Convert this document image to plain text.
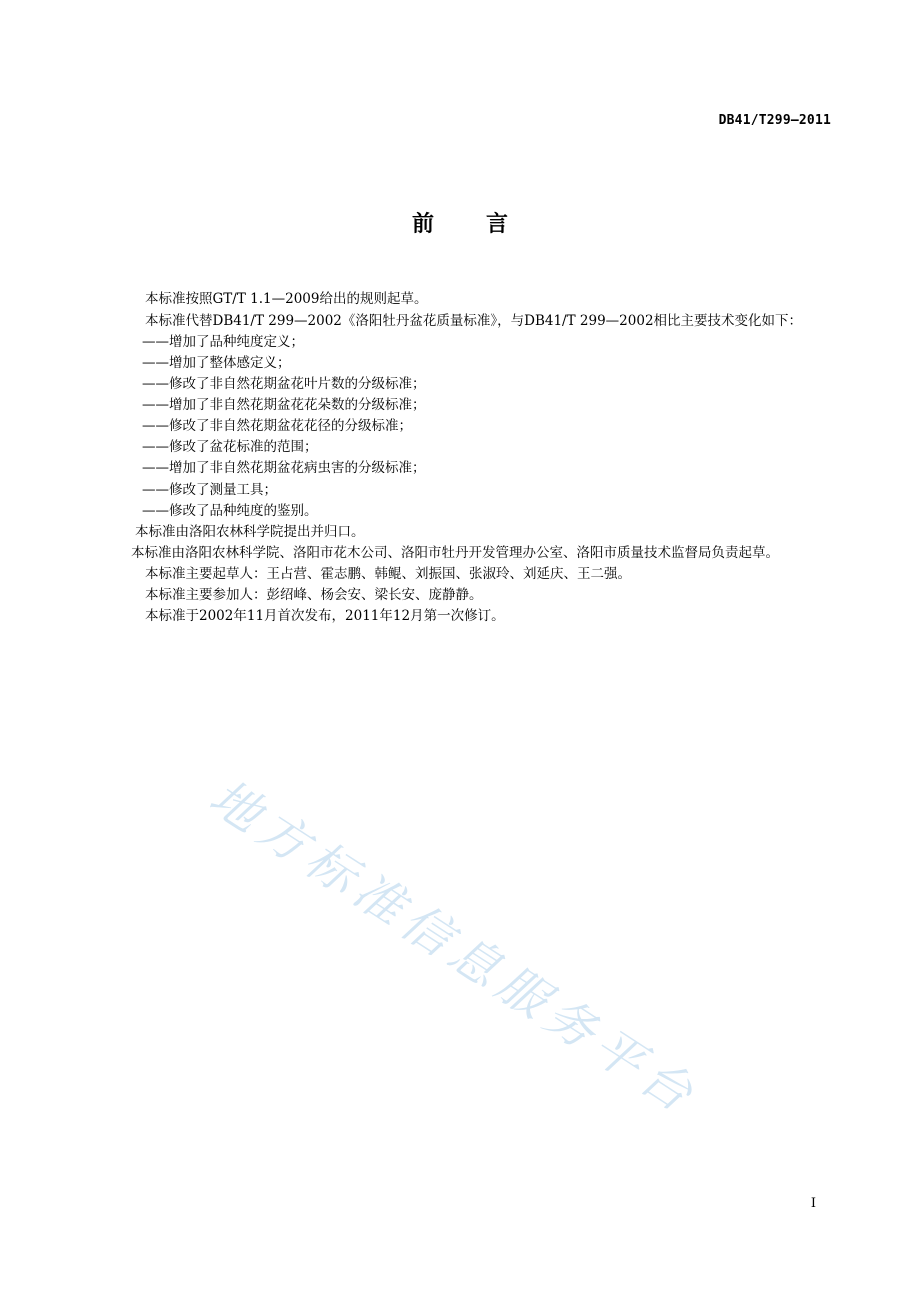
DB41/T299—2011
前 言

本标准按照GT/T 1.1—2009给出的规则起草。

本标准代替DB41/T 299—2002《洛阳牡丹盆花质量标准》，与DB41/T 299—2002相比主要技术变化如下：

——增加了品种纯度定义；

——增加了整体感定义；

——修改了非自然花期盆花叶片数的分级标准；

——增加了非自然花期盆花花朵数的分级标准；

——修改了非自然花期盆花花径的分级标准；

——修改了盆花标准的范围；

——增加了非自然花期盆花病虫害的分级标准；

——修改了测量工具；

——修改了品种纯度的鉴别。

本标准由洛阳农林科学院提出并归口。

本标准由洛阳农林科学院、洛阳市花木公司、洛阳市牡丹开发管理办公室、洛阳市质量技术监督局负责起草。

本标准主要起草人：王占营、霍志鹏、韩鲲、刘振国、张淑玲、刘延庆、王二强。

本标准主要参加人：彭绍峰、杨会安、梁长安、庞静静。

本标准于2002年11月首次发布，2011年12月第一次修订。

地方标准信息服务平台
I
